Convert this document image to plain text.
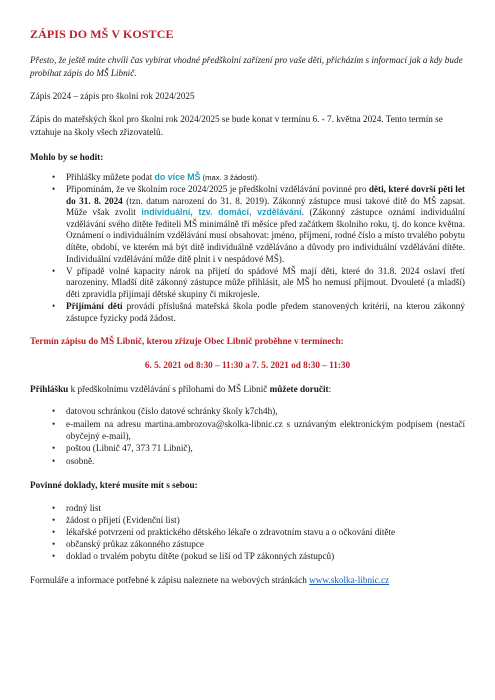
ZÁPIS DO MŠ V KOSTCE

Přesto, že ještě máte chvíli čas vybírat vhodné předškolní zařízení pro vaše děti, přicházím s informací jak a kdy bude probíhat zápis do MŠ Libnič.

Zápis 2024 – zápis pro školní rok 2024/2025

Zápis do mateřských škol pro školní rok 2024/2025 se bude konat v termínu 6. - 7. května 2024. Tento termín se vztahuje na školy všech zřizovatelů.

Mohlo by se hodit:

• Přihlášky můžete podat do více MŠ (max. 3 žádostí).
• Připomínám, že ve školním roce 2024/2025 je předškolní vzdělávání povinné pro děti, které dovrší pěti let do 31. 8. 2024 (tzn. datum narození do 31. 8. 2019). Zákonný zástupce musí takové dítě do MŠ zapsat. Může však zvolit individuální, tzv. domácí, vzdělávání. (Zákonný zástupce oznámí individuální vzdělávání svého dítěte řediteli MŠ minimálně tři měsíce před začátkem školního roku, tj. do konce května. Oznámení o individuálním vzdělávání musí obsahovat: jméno, příjmení, rodné číslo a místo trvalého pobytu dítěte, období, ve kterém má být dítě individuálně vzděláváno a důvody pro individuální vzdělávání dítěte. Individuální vzdělávání může dítě plnit i v nespádové MŠ).
• V případě volné kapacity nárok na přijetí do spádové MŠ mají děti, které do 31.8. 2024 oslaví třetí narozeniny. Mladší dítě zákonný zástupce může přihlásit, ale MŠ ho nemusí přijmout. Dvouleté (a mladší) děti zpravidla přijímají dětské skupiny či mikrojesle.
• Přijímání dětí provádí příslušná mateřská škola podle předem stanovených kritérií, na kterou zákonný zástupce fyzicky podá žádost.

Termín zápisu do MŠ Libnič, kterou zřizuje Obec Libnič proběhne v termínech:

6. 5. 2021 od 8:30 – 11:30 a 7. 5. 2021 od 8:30 – 11:30

Přihlášku k předškolnímu vzdělávání s přílohami do MŠ Libnič můžete doručit:

• datovou schránkou (číslo datové schránky školy k7ch4h),
• e-mailem na adresu martina.ambrozova@skolka-libnic.cz s uznávaným elektronickým podpisem (nestačí obyčejný e-mail),
• poštou (Libnič 47, 373 71 Libnič),
• osobně.

Povinné doklady, které musíte mít s sebou:

• rodný list
• žádost o přijetí (Evidenční list)
• lékařské potvrzení od praktického dětského lékaře o zdravotním stavu a o očkování dítěte
• občanský průkaz zákonného zástupce
• doklad o trvalém pobytu dítěte (pokud se liší od TP zákonných zástupců)

Formuláře a informace potřebné k zápisu naleznete na webových stránkách www.skolka-libnic.cz
